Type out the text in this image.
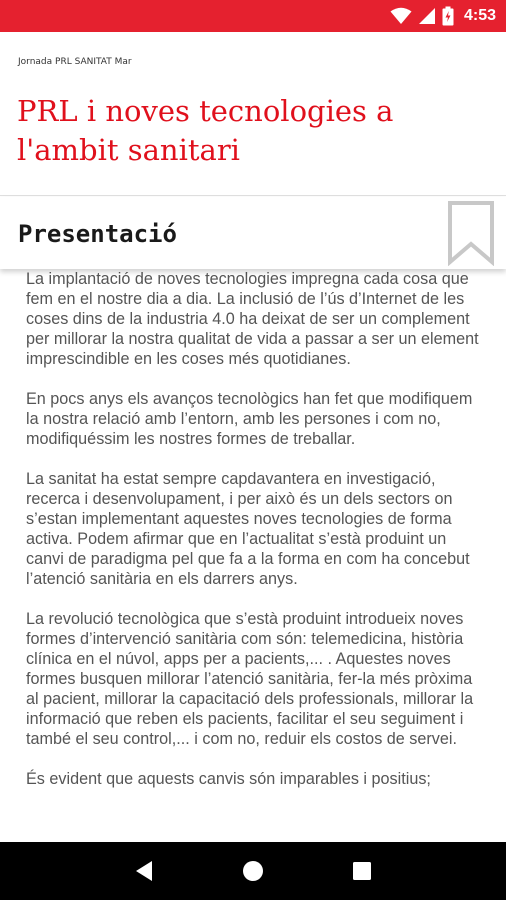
4:53
Jornada PRL SANITAT Mar
PRL i noves tecnologies a l'ambit sanitari
Presentació

La implantació de noves tecnologies impregna cada cosa que fem en el nostre dia a dia. La inclusió de l’ús d’Internet de les coses dins de la industria 4.0 ha deixat de ser un complement per millorar la nostra qualitat de vida a passar a ser un element imprescindible en les coses més quotidianes.

En pocs anys els avanços tecnològics han fet que modifiquem la nostra relació amb l’entorn, amb les persones i com no, modifiquéssim les nostres formes de treballar.

La sanitat ha estat sempre capdavantera en investigació, recerca i desenvolupament, i per això és un dels sectors on s’estan implementant aquestes noves tecnologies de forma activa. Podem afirmar que en l’actualitat s’està produint un canvi de paradigma pel que fa a la forma en com ha concebut l’atenció sanitària en els darrers anys.

La revolució tecnològica que s’està produint introdueix noves formes d’intervenció sanitària com són: telemedicina, història clínica en el núvol, apps per a pacients,... . Aquestes noves formes busquen millorar l’atenció sanitària, fer-la més pròxima al pacient, millorar la capacitació dels professionals, millorar la informació que reben els pacients, facilitar el seu seguiment i també el seu control,... i com no, reduir els costos de servei.

És evident que aquests canvis són imparables i positius;
